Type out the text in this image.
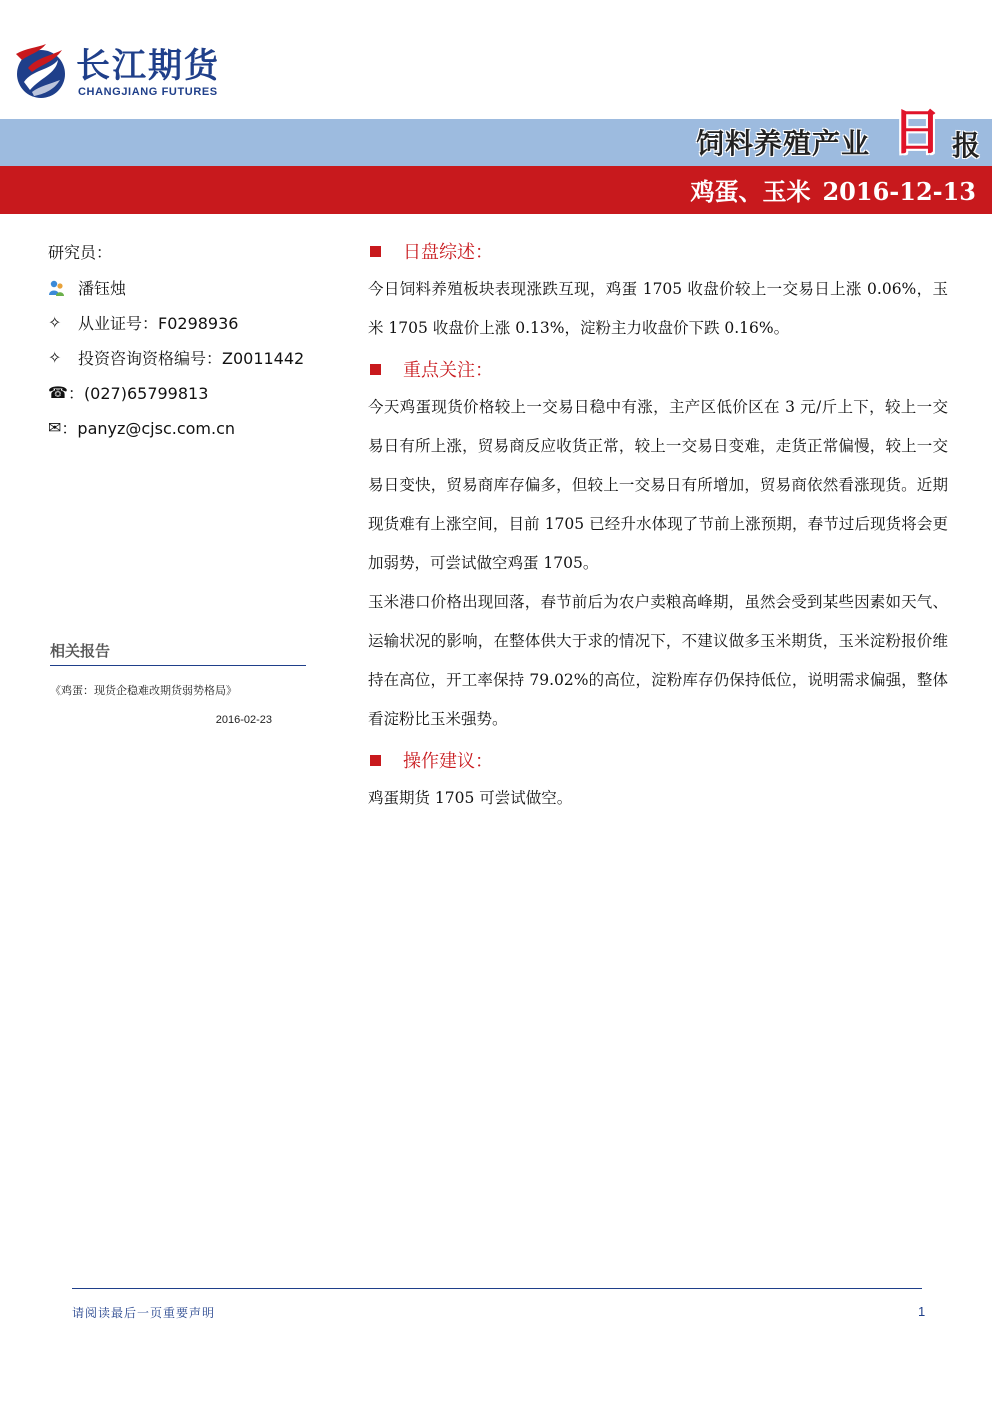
长江期货
CHANGJIANG FUTURES
饲料养殖产业 日 报
鸡蛋、玉米 2016-12-13
研究员：
潘钰烛
✧	从业证号：F0298936
✧	投资咨询资格编号：Z0011442
☎ ：(027)65799813
✉ ：panyz@cjsc.com.cn
相关报告
《鸡蛋：现货企稳难改期货弱势格局》
2016-02-23
日盘综述：

今日饲料养殖板块表现涨跌互现，鸡蛋 1705 收盘价较上一交易日上涨 0.06%，玉米 1705 收盘价上涨 0.13%，淀粉主力收盘价下跌 0.16%。

重点关注：

今天鸡蛋现货价格较上一交易日稳中有涨，主产区低价区在 3 元/斤上下，较上一交易日有所上涨，贸易商反应收货正常，较上一交易日变难，走货正常偏慢，较上一交易日变快，贸易商库存偏多，但较上一交易日有所增加，贸易商依然看涨现货。近期现货难有上涨空间，目前 1705 已经升水体现了节前上涨预期，春节过后现货将会更加弱势，可尝试做空鸡蛋 1705。

玉米港口价格出现回落，春节前后为农户卖粮高峰期，虽然会受到某些因素如天气、运输状况的影响，在整体供大于求的情况下，不建议做多玉米期货，玉米淀粉报价维持在高位，开工率保持 79.02%的高位，淀粉库存仍保持低位，说明需求偏强，整体看淀粉比玉米强势。

操作建议：

鸡蛋期货 1705 可尝试做空。

请阅读最后一页重要声明	1
